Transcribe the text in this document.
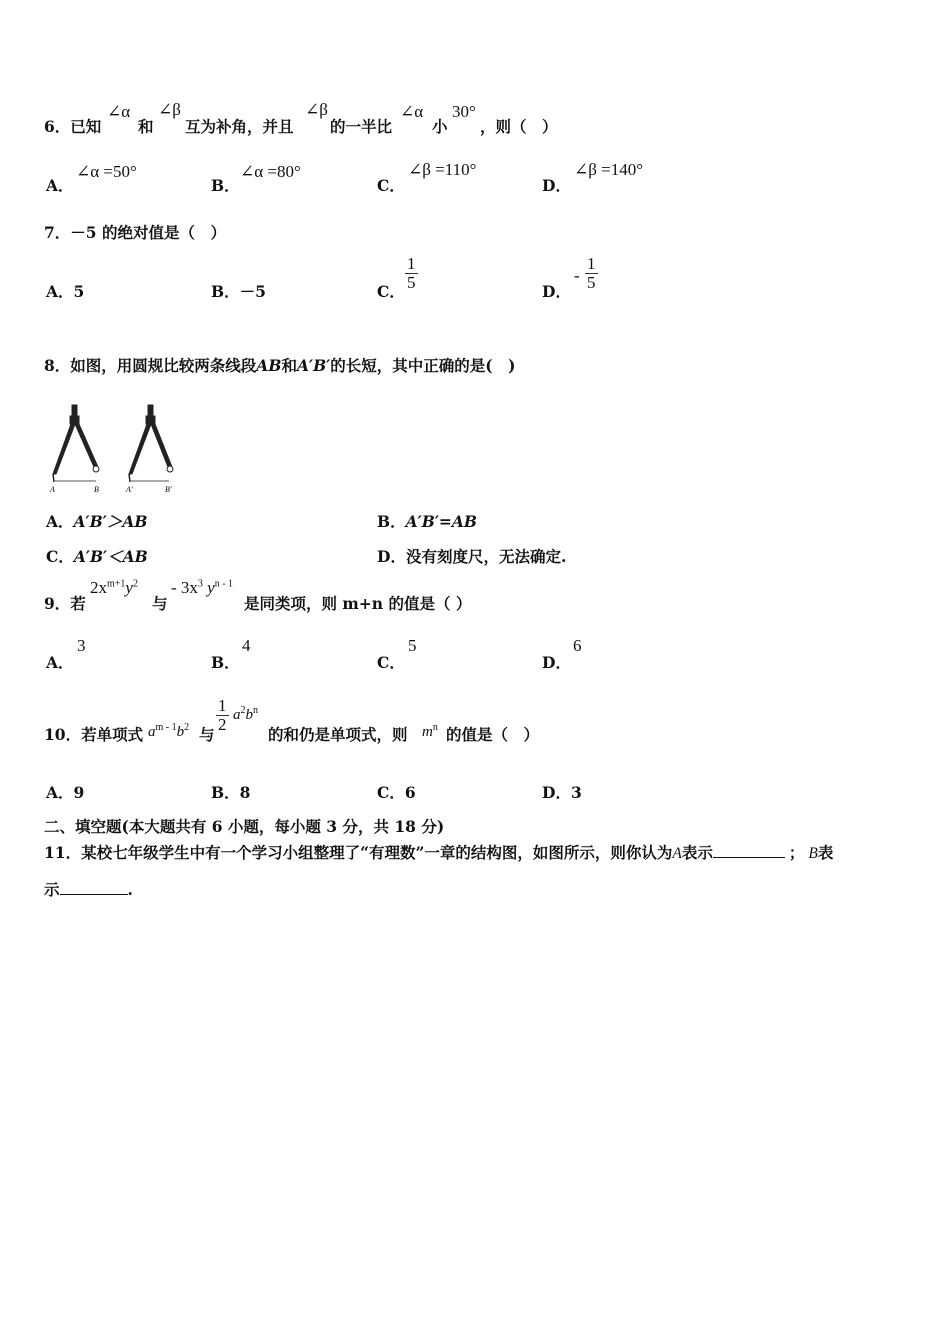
6．已知
∠α
和
∠β
互为补角，并且
∠β
的一半比
∠α
小
30°
，则（　）
A．
∠α =50°
B．
∠α =80°
C．
∠β =110°
D．
∠β =140°
7．－5 的绝对值是（　）
A．5	B．－5	C． $\frac{1}{5}$	D．
- $\frac{1}{5}$
8．如图，用圆规比较两条线段AB和A′B′的长短，其中正确的是(　)
A	B	A′	B′
A．A′B′＞AB	B．A′B′=AB
C．A′B′＜AB	D．没有刻度尺，无法确定.
9．若
$2x^{m+1}y^2$
与
- $3x^3$ $y^{n - 1}$
是同类项，则 m+n 的值是（ ）
A．
3
B．
4
C．
5
D．
6
10．若单项式 $a^{m - 1}b^2$ 与
$\frac{1}{2} a^2b^n$
的和仍是单项式，则 $m^n$ 的值是（　）
A．9	B．8	C．6	D．3
二、填空题(本大题共有 6 小题，每小题 3 分，共 18 分)
11．某校七年级学生中有一个学习小组整理了“有理数”一章的结构图，如图所示，则你认为A表示	； B表
示	.
